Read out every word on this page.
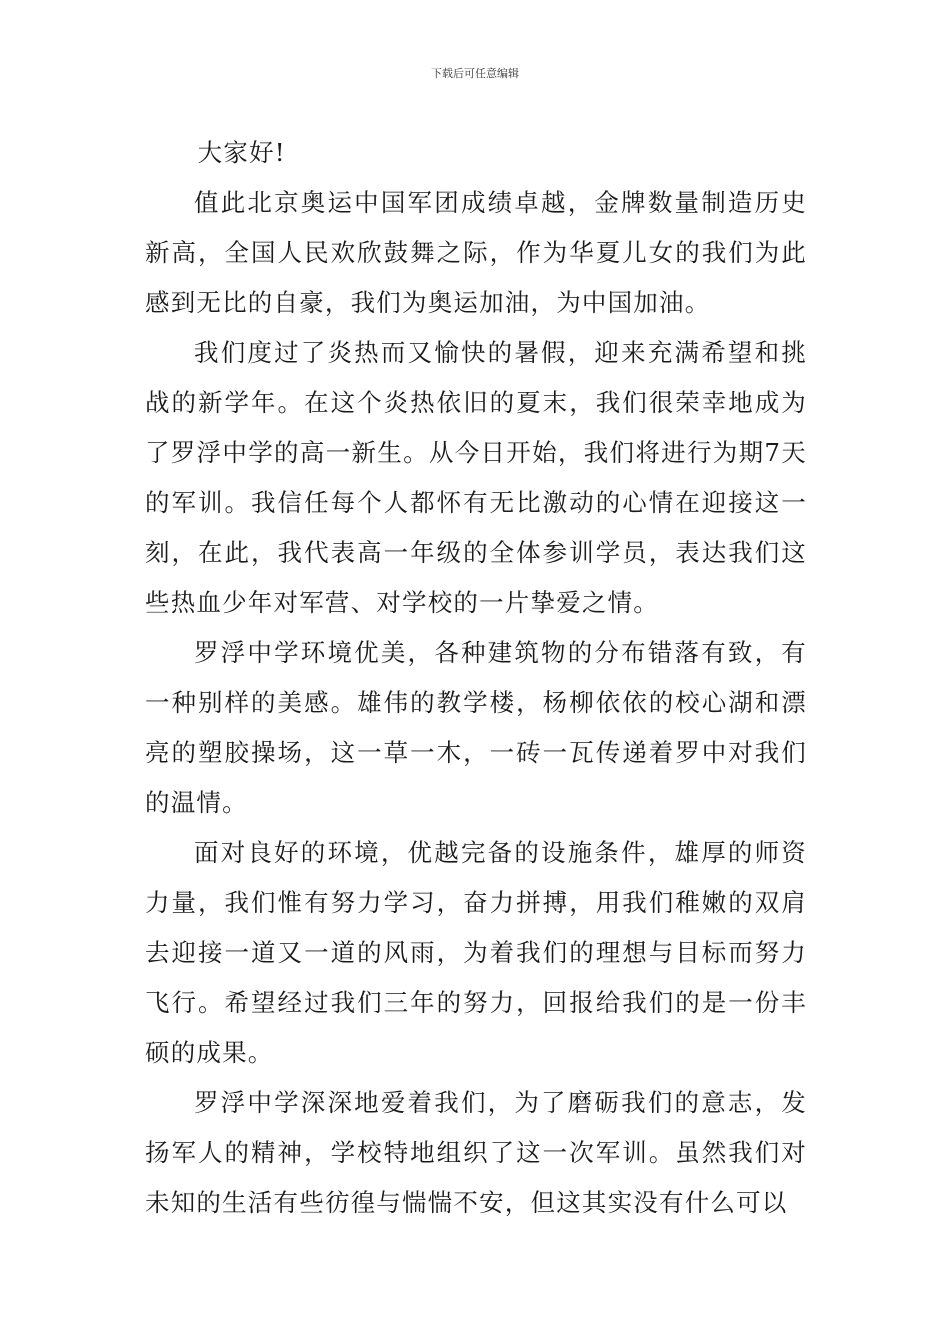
下载后可任意编辑

大家好!

值此北京奥运中国军团成绩卓越，金牌数量制造历史新高，全国人民欢欣鼓舞之际，作为华夏儿女的我们为此感到无比的自豪，我们为奥运加油，为中国加油。

我们度过了炎热而又愉快的暑假，迎来充满希望和挑战的新学年。在这个炎热依旧的夏末，我们很荣幸地成为了罗浮中学的高一新生。从今日开始，我们将进行为期7天的军训。我信任每个人都怀有无比激动的心情在迎接这一刻，在此，我代表高一年级的全体参训学员，表达我们这些热血少年对军营、对学校的一片挚爱之情。

罗浮中学环境优美，各种建筑物的分布错落有致，有一种别样的美感。雄伟的教学楼，杨柳依依的校心湖和漂亮的塑胶操场，这一草一木，一砖一瓦传递着罗中对我们的温情。

面对良好的环境，优越完备的设施条件，雄厚的师资力量，我们惟有努力学习，奋力拼搏，用我们稚嫩的双肩去迎接一道又一道的风雨，为着我们的理想与目标而努力飞行。希望经过我们三年的努力，回报给我们的是一份丰硕的成果。

罗浮中学深深地爱着我们，为了磨砺我们的意志，发扬军人的精神，学校特地组织了这一次军训。虽然我们对未知的生活有些彷徨与惴惴不安，但这其实没有什么可以
